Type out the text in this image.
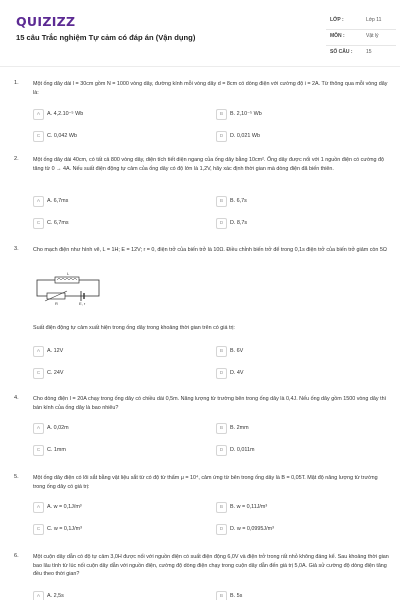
QUIZIZZ
15 câu Trắc nghiệm Tự cảm có đáp án (Vận dụng)
LỚP :	Lớp 11
MÔN :	Vật lý
SỐ CÂU :	15
1.	Một ống dây dài l = 30cm gồm N = 1000 vòng dây, đường kính mỗi vòng dây d = 8cm có dòng điện với cường độ i = 2A. Từ thông qua mỗi vòng dây là:
A	A. 4,2.10⁻⁵ Wb	B	B. 2,10⁻⁵ Wb
C	C. 0,042 Wb	D	D. 0,021 Wb
2.	Một ống dây dài 40cm, có tất cả 800 vòng dây, diện tích tiết diện ngang của ống dây bằng 10cm². Ống dây được nối với 1 nguồn điện có cường độ tăng từ 0 → 4A. Nếu suất điện động tự cảm của ống dây có độ lớn là 1,2V, hãy xác định thời gian mà dòng điện đã biến thiên.
A	A. 6,7ms	B	B. 6,7s
C	C. 6,7ms	D	D. 8,7s
3.	Cho mạch điện như hình vẽ, L = 1H; E = 12V; r = 0, điện trở của biến trở là 10Ω. Điều chỉnh biến trở để trong 0,1s điện trở của biến trở giảm còn 5Ω
L
R	E, r
Suất điện động tự cảm xuất hiện trong ống dây trong khoảng thời gian trên có giá trị:
A	A. 12V	B	B. 6V
C	C. 24V	D	D. 4V
4.	Cho dòng điện I = 20A chạy trong ống dây có chiều dài 0,5m. Năng lượng từ trường bên trong ống dây là 0,4J. Nếu ống dây gồm 1500 vòng dây thì bán kính của ống dây là bao nhiêu?
A	A. 0,02m	B	B. 2mm
C	C. 1mm	D	D. 0,011m
5.	Một ống dây điện có lõi sắt bằng vật liệu sắt từ có độ từ thẩm μ = 10⁴, cảm ứng từ bên trong ống dây là B = 0,05T. Mật độ năng lượng từ trường trong ống dây có giá trị:
A	A. w = 0,1J/m³	B	B. w = 0,11J/m³
C	C. w = 0,1J/m³	D	D. w = 0,0995J/m³
6.	Một cuộn dây dẫn có độ tự cảm 3,0H được nối với nguồn điện có suất điện động 6,0V và điện trở trong rất nhỏ không đáng kể. Sau khoảng thời gian bao lâu tính từ lúc nối cuộn dây dẫn với nguồn điện, cường độ dòng điện chạy trong cuộn dây dẫn đến giá trị 5,0A. Giả sử cường độ dòng điện tăng đều theo thời gian?
A	A. 2,5s	B	B. 5s
